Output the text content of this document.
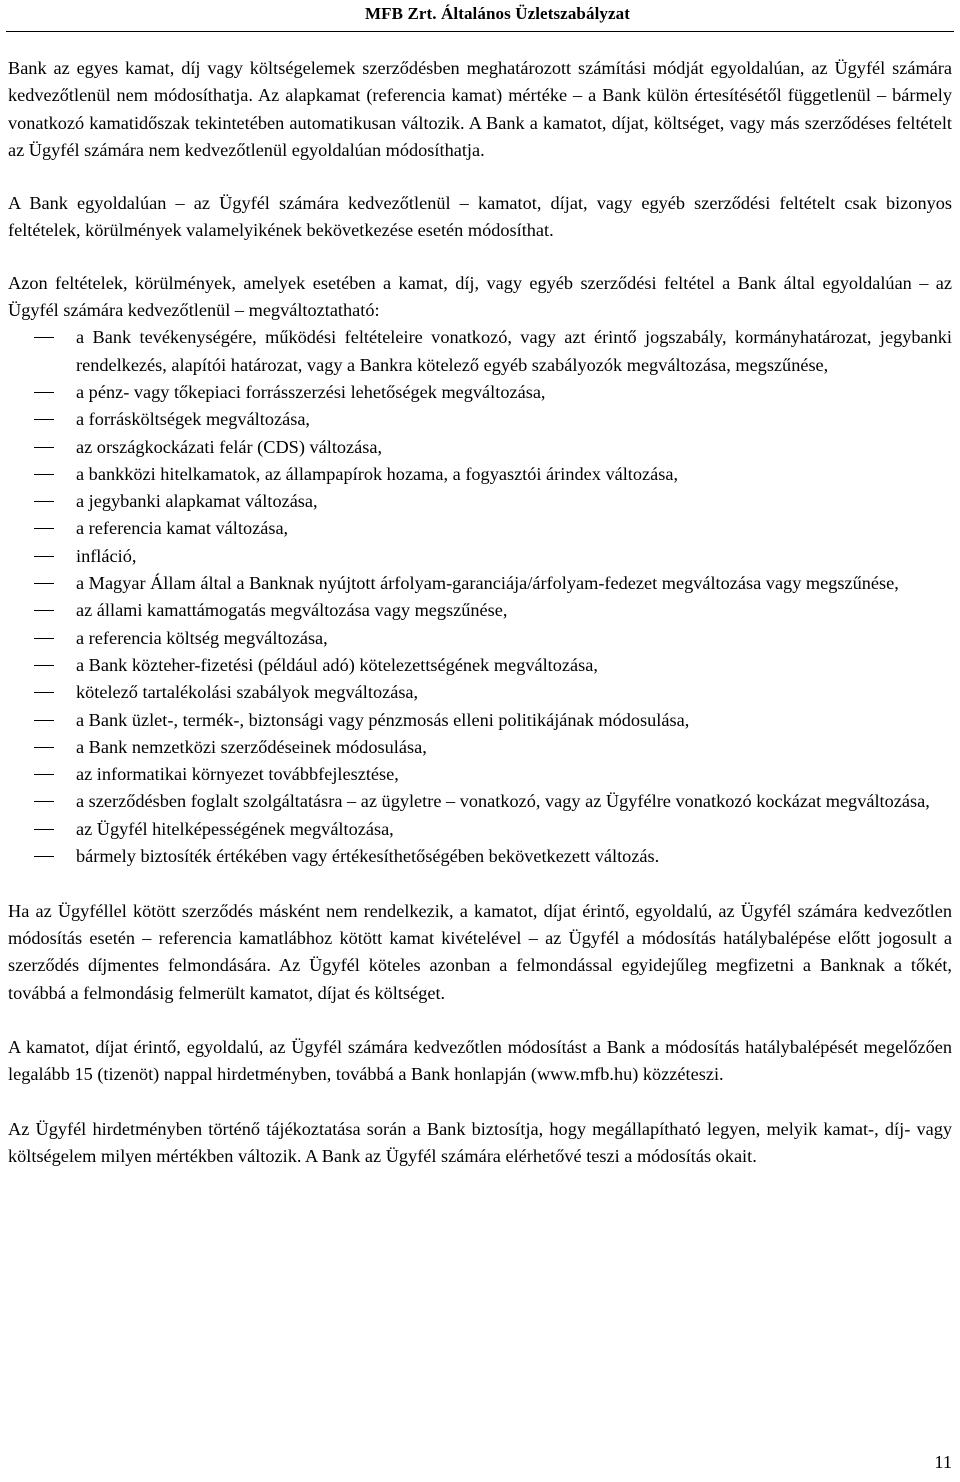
MFB Zrt. Általános Üzletszabályzat

Bank az egyes kamat, díj vagy költségelemek szerződésben meghatározott számítási módját egyoldalúan, az Ügyfél számára kedvezőtlenül nem módosíthatja. Az alapkamat (referencia kamat) mértéke – a Bank külön értesítésétől függetlenül – bármely vonatkozó kamatidőszak tekintetében automatikusan változik. A Bank a kamatot, díjat, költséget, vagy más szerződéses feltételt az Ügyfél számára nem kedvezőtlenül egyoldalúan módosíthatja.

A Bank egyoldalúan – az Ügyfél számára kedvezőtlenül – kamatot, díjat, vagy egyéb szerződési feltételt csak bizonyos feltételek, körülmények valamelyikének bekövetkezése esetén módosíthat.

Azon feltételek, körülmények, amelyek esetében a kamat, díj, vagy egyéb szerződési feltétel a Bank által egyoldalúan – az Ügyfél számára kedvezőtlenül – megváltoztatható:

a Bank tevékenységére, működési feltételeire vonatkozó, vagy azt érintő jogszabály, kormányhatározat, jegybanki rendelkezés, alapítói határozat, vagy a Bankra kötelező egyéb szabályozók megváltozása, megszűnése,
a pénz- vagy tőkepiaci forrásszerzési lehetőségek megváltozása,
a forrásköltségek megváltozása,
az országkockázati felár (CDS) változása,
a bankközi hitelkamatok, az állampapírok hozama, a fogyasztói árindex változása,
a jegybanki alapkamat változása,
a referencia kamat változása,
infláció,
a Magyar Állam által a Banknak nyújtott árfolyam-garanciája/árfolyam-fedezet megváltozása vagy megszűnése,
az állami kamattámogatás megváltozása vagy megszűnése,
a referencia költség megváltozása,
a Bank közteher-fizetési (például adó) kötelezettségének megváltozása,
kötelező tartalékolási szabályok megváltozása,
a Bank üzlet-, termék-, biztonsági vagy pénzmosás elleni politikájának módosulása,
a Bank nemzetközi szerződéseinek módosulása,
az informatikai környezet továbbfejlesztése,
a szerződésben foglalt szolgáltatásra – az ügyletre – vonatkozó, vagy az Ügyfélre vonatkozó kockázat megváltozása,
az Ügyfél hitelképességének megváltozása,
bármely biztosíték értékében vagy értékesíthetőségében bekövetkezett változás.

Ha az Ügyféllel kötött szerződés másként nem rendelkezik, a kamatot, díjat érintő, egyoldalú, az Ügyfél számára kedvezőtlen módosítás esetén – referencia kamatlábhoz kötött kamat kivételével – az Ügyfél a módosítás hatálybalépése előtt jogosult a szerződés díjmentes felmondására. Az Ügyfél köteles azonban a felmondással egyidejűleg megfizetni a Banknak a tőkét, továbbá a felmondásig felmerült kamatot, díjat és költséget.

A kamatot, díjat érintő, egyoldalú, az Ügyfél számára kedvezőtlen módosítást a Bank a módosítás hatálybalépését megelőzően legalább 15 (tizenöt) nappal hirdetményben, továbbá a Bank honlapján (www.mfb.hu) közzéteszi.

Az Ügyfél hirdetményben történő tájékoztatása során a Bank biztosítja, hogy megállapítható legyen, melyik kamat-, díj- vagy költségelem milyen mértékben változik. A Bank az Ügyfél számára elérhetővé teszi a módosítás okait.

11
